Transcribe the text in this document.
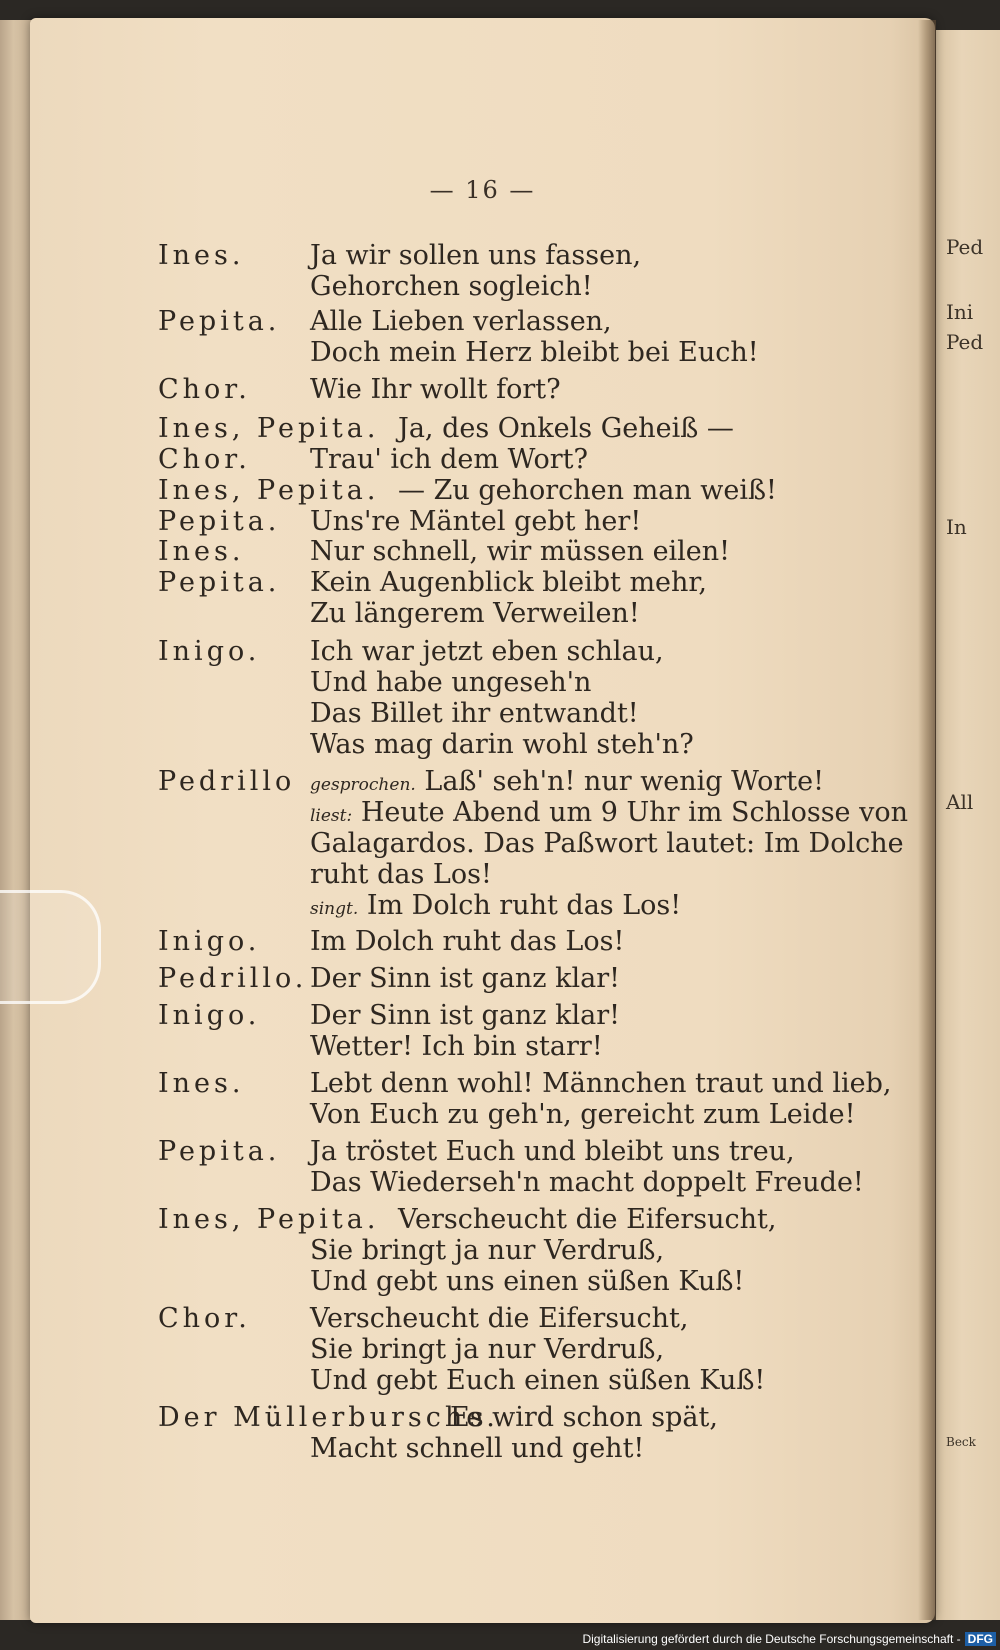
Ped
Ini
Ped
In
All
Beck
— 16 —
Ines. Ja wir sollen uns fassen,
Gehorchen sogleich!
Pepita. Alle Lieben verlassen,
Doch mein Herz bleibt bei Euch!
Chor. Wie Ihr wollt fort?
Ines, Pepita. Ja, des Onkels Geheiß —
Chor. Trau' ich dem Wort?
Ines, Pepita. — Zu gehorchen man weiß!
Pepita. Uns're Mäntel gebt her!
Ines. Nur schnell, wir müssen eilen!
Pepita. Kein Augenblick bleibt mehr,
Zu längerem Verweilen!
Inigo. Ich war jetzt eben schlau,
Und habe ungeseh'n
Das Billet ihr entwandt!
Was mag darin wohl steh'n?
Pedrillo gesprochen. Laß' seh'n! nur wenig Worte!
liest: Heute Abend um 9 Uhr im Schlosse von
Galagardos. Das Paßwort lautet: Im Dolche
ruht das Los!
singt. Im Dolch ruht das Los!
Inigo. Im Dolch ruht das Los!
Pedrillo. Der Sinn ist ganz klar!
Inigo. Der Sinn ist ganz klar!
Wetter! Ich bin starr!
Ines. Lebt denn wohl! Männchen traut und lieb,
Von Euch zu geh'n, gereicht zum Leide!
Pepita. Ja tröstet Euch und bleibt uns treu,
Das Wiederseh'n macht doppelt Freude!
Ines, Pepita. Verscheucht die Eifersucht,
Sie bringt ja nur Verdruß,
Und gebt uns einen süßen Kuß!
Chor. Verscheucht die Eifersucht,
Sie bringt ja nur Verdruß,
Und gebt Euch einen süßen Kuß!
Der Müllerbursche.
Es wird schon spät,
Macht schnell und geht!
Digitalisierung gefördert durch die Deutsche Forschungsgemeinschaft - DFG
